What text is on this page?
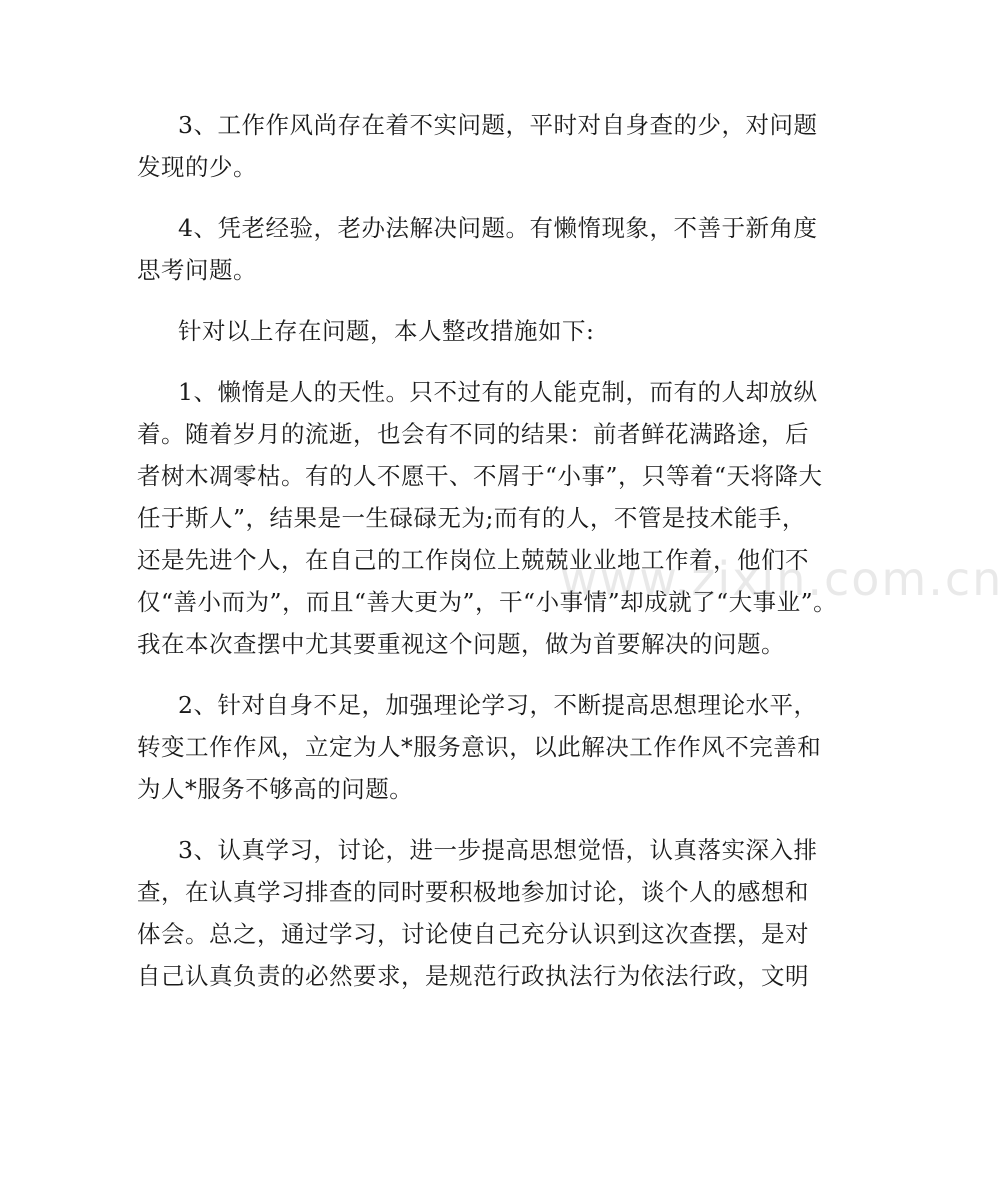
3、工作作风尚存在着不实问题，平时对自身查的少，对问题
发现的少。
4、凭老经验，老办法解决问题。有懒惰现象，不善于新角度
思考问题。
针对以上存在问题，本人整改措施如下:
1、懒惰是人的天性。只不过有的人能克制，而有的人却放纵
着。随着岁月的流逝，也会有不同的结果：前者鲜花满路途，后
者树木凋零枯。有的人不愿干、不屑于“小事”，只等着“天将降大
任于斯人”，结果是一生碌碌无为;而有的人，不管是技术能手，
还是先进个人，在自己的工作岗位上兢兢业业地工作着，他们不
仅“善小而为”，而且“善大更为”，干“小事情”却成就了“大事业”。
我在本次查摆中尤其要重视这个问题，做为首要解决的问题。
2、针对自身不足，加强理论学习，不断提高思想理论水平，
转变工作作风，立定为人*服务意识，以此解决工作作风不完善和
为人*服务不够高的问题。
3、认真学习，讨论，进一步提高思想觉悟，认真落实深入排
查，在认真学习排查的同时要积极地参加讨论，谈个人的感想和
体会。总之，通过学习，讨论使自己充分认识到这次查摆，是对
自己认真负责的必然要求，是规范行政执法行为依法行政，文明
www.zixin.com.cn
